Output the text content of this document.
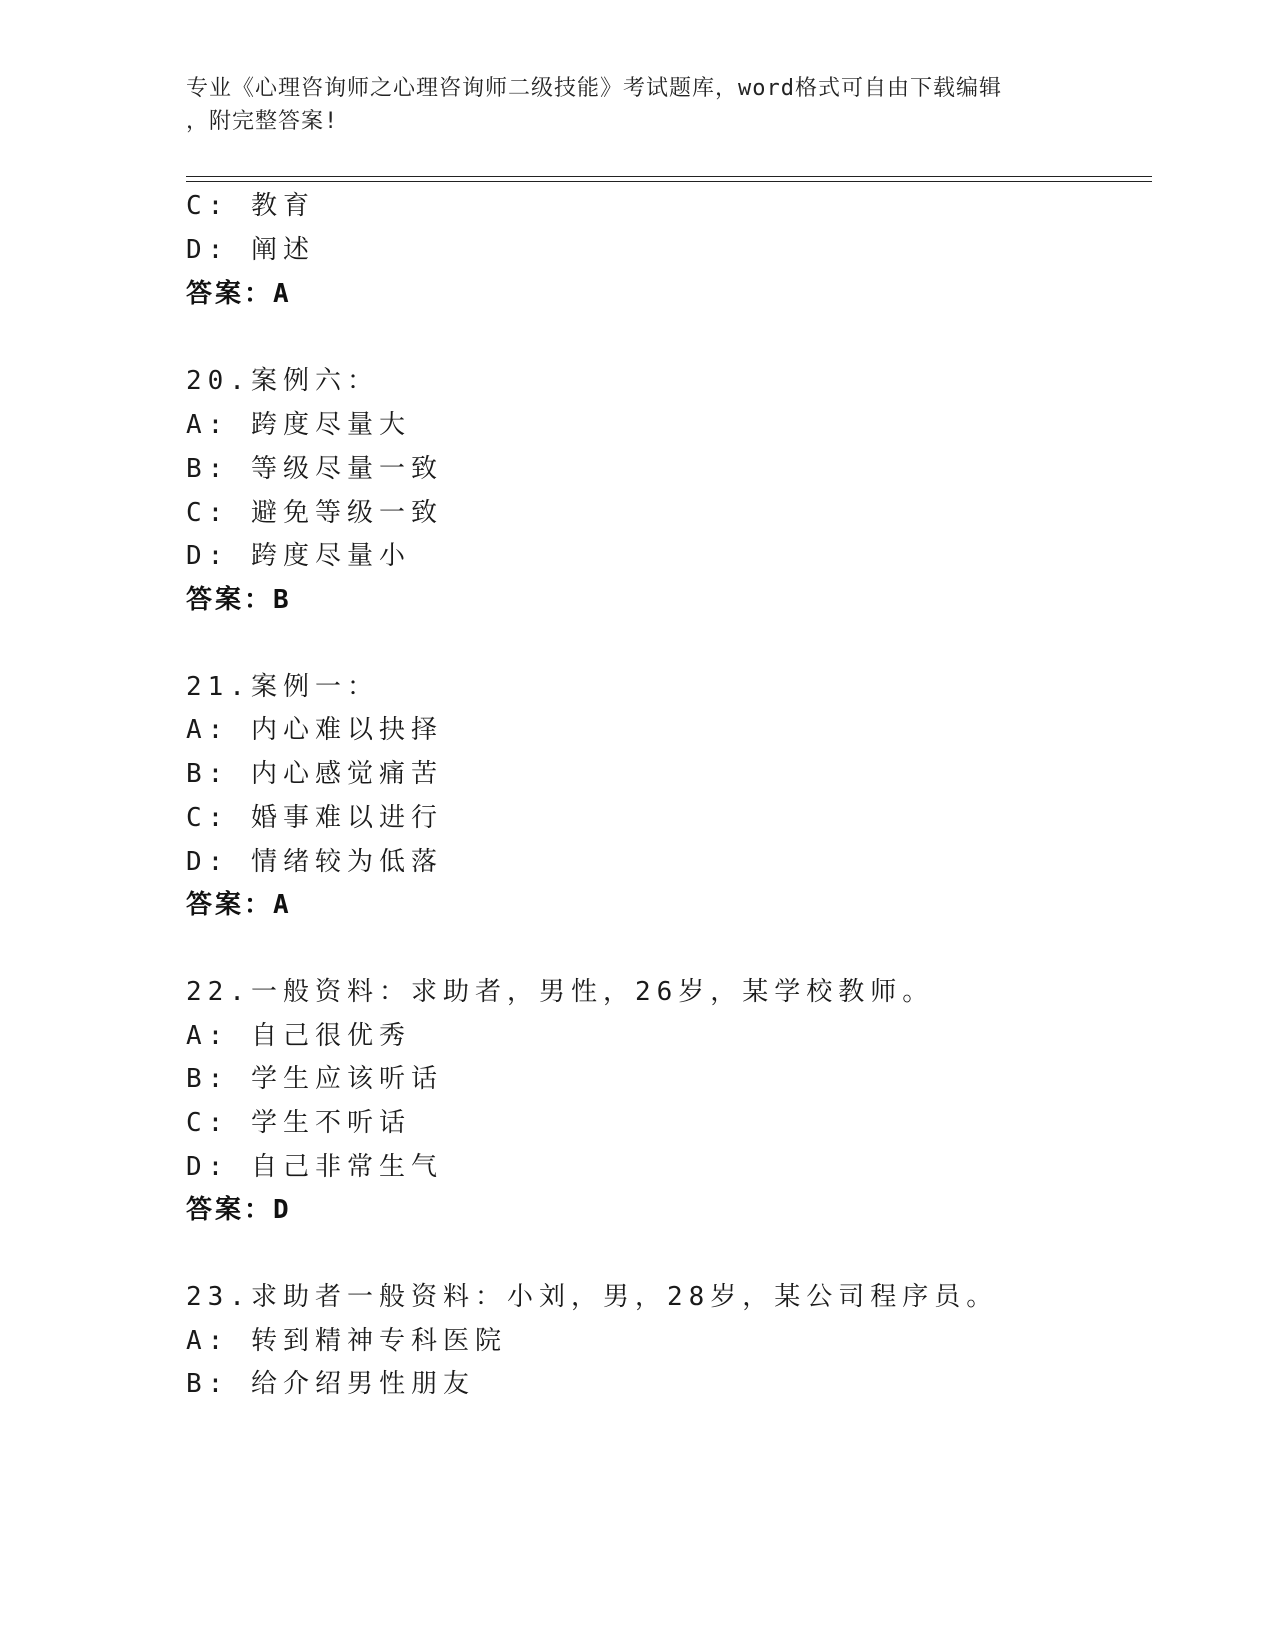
专业《心理咨询师之心理咨询师二级技能》考试题库，word格式可自由下载编辑
，附完整答案!
C: 教育
D: 阐述
答案：A
20.案例六：
A: 跨度尽量大
B: 等级尽量一致
C: 避免等级一致
D: 跨度尽量小
答案：B
21.案例一：
A: 内心难以抉择
B: 内心感觉痛苦
C: 婚事难以进行
D: 情绪较为低落
答案：A
22.一般资料：求助者，男性，26岁，某学校教师。
A: 自己很优秀
B: 学生应该听话
C: 学生不听话
D: 自己非常生气
答案：D
23.求助者一般资料：小刘，男，28岁，某公司程序员。
A: 转到精神专科医院
B: 给介绍男性朋友
